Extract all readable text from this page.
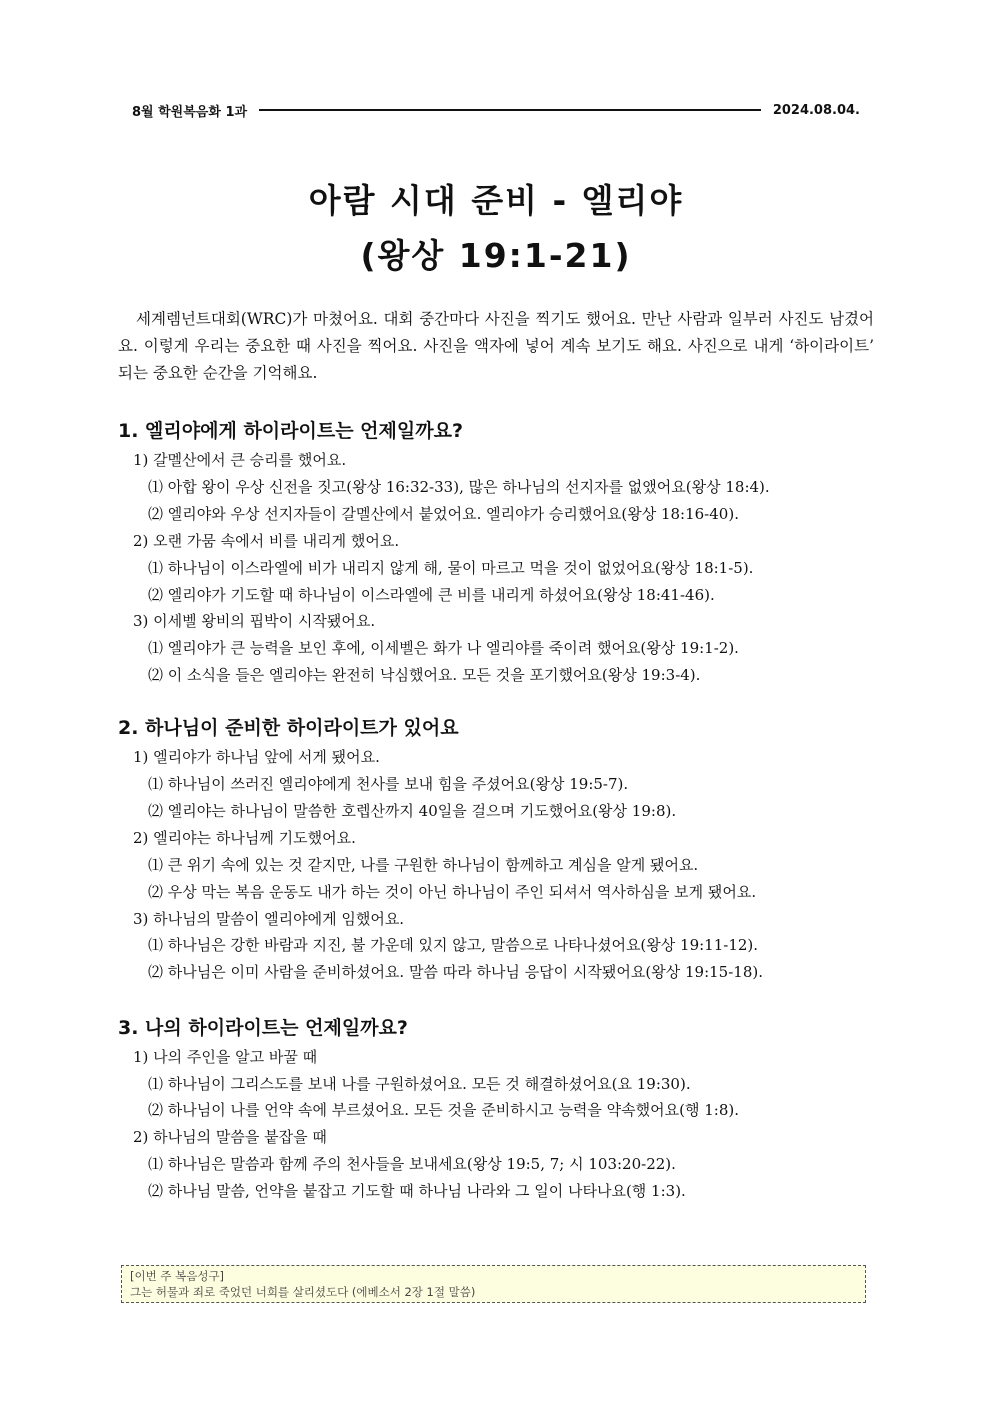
8월 학원복음화 1과	2024.08.04.
아람 시대 준비 - 엘리야
(왕상 19:1-21)
세계렘넌트대회(WRC)가 마쳤어요. 대회 중간마다 사진을 찍기도 했어요. 만난 사람과 일부러 사진도 남겼어요. 이렇게 우리는 중요한 때 사진을 찍어요. 사진을 액자에 넣어 계속 보기도 해요. 사진으로 내게 ‘하이라이트’ 되는 중요한 순간을 기억해요.
1. 엘리야에게 하이라이트는 언제일까요?
1) 갈멜산에서 큰 승리를 했어요.
⑴ 아합 왕이 우상 신전을 짓고(왕상 16:32-33), 많은 하나님의 선지자를 없앴어요(왕상 18:4).
⑵ 엘리야와 우상 선지자들이 갈멜산에서 붙었어요. 엘리야가 승리했어요(왕상 18:16-40).
2) 오랜 가뭄 속에서 비를 내리게 했어요.
⑴ 하나님이 이스라엘에 비가 내리지 않게 해, 물이 마르고 먹을 것이 없었어요(왕상 18:1-5).
⑵ 엘리야가 기도할 때 하나님이 이스라엘에 큰 비를 내리게 하셨어요(왕상 18:41-46).
3) 이세벨 왕비의 핍박이 시작됐어요.
⑴ 엘리야가 큰 능력을 보인 후에, 이세벨은 화가 나 엘리야를 죽이려 했어요(왕상 19:1-2).
⑵ 이 소식을 들은 엘리야는 완전히 낙심했어요. 모든 것을 포기했어요(왕상 19:3-4).
2. 하나님이 준비한 하이라이트가 있어요
1) 엘리야가 하나님 앞에 서게 됐어요.
⑴ 하나님이 쓰러진 엘리야에게 천사를 보내 힘을 주셨어요(왕상 19:5-7).
⑵ 엘리야는 하나님이 말씀한 호렙산까지 40일을 걸으며 기도했어요(왕상 19:8).
2) 엘리야는 하나님께 기도했어요.
⑴ 큰 위기 속에 있는 것 같지만, 나를 구원한 하나님이 함께하고 계심을 알게 됐어요.
⑵ 우상 막는 복음 운동도 내가 하는 것이 아닌 하나님이 주인 되셔서 역사하심을 보게 됐어요.
3) 하나님의 말씀이 엘리야에게 임했어요.
⑴ 하나님은 강한 바람과 지진, 불 가운데 있지 않고, 말씀으로 나타나셨어요(왕상 19:11-12).
⑵ 하나님은 이미 사람을 준비하셨어요. 말씀 따라 하나님 응답이 시작됐어요(왕상 19:15-18).
3. 나의 하이라이트는 언제일까요?
1) 나의 주인을 알고 바꿀 때
⑴ 하나님이 그리스도를 보내 나를 구원하셨어요. 모든 것 해결하셨어요(요 19:30).
⑵ 하나님이 나를 언약 속에 부르셨어요. 모든 것을 준비하시고 능력을 약속했어요(행 1:8).
2) 하나님의 말씀을 붙잡을 때
⑴ 하나님은 말씀과 함께 주의 천사들을 보내세요(왕상 19:5, 7; 시 103:20-22).
⑵ 하나님 말씀, 언약을 붙잡고 기도할 때 하나님 나라와 그 일이 나타나요(행 1:3).
[이번 주 복음성구]
그는 허물과 죄로 죽었던 너희를 살리셨도다 (에베소서 2장 1절 말씀)
